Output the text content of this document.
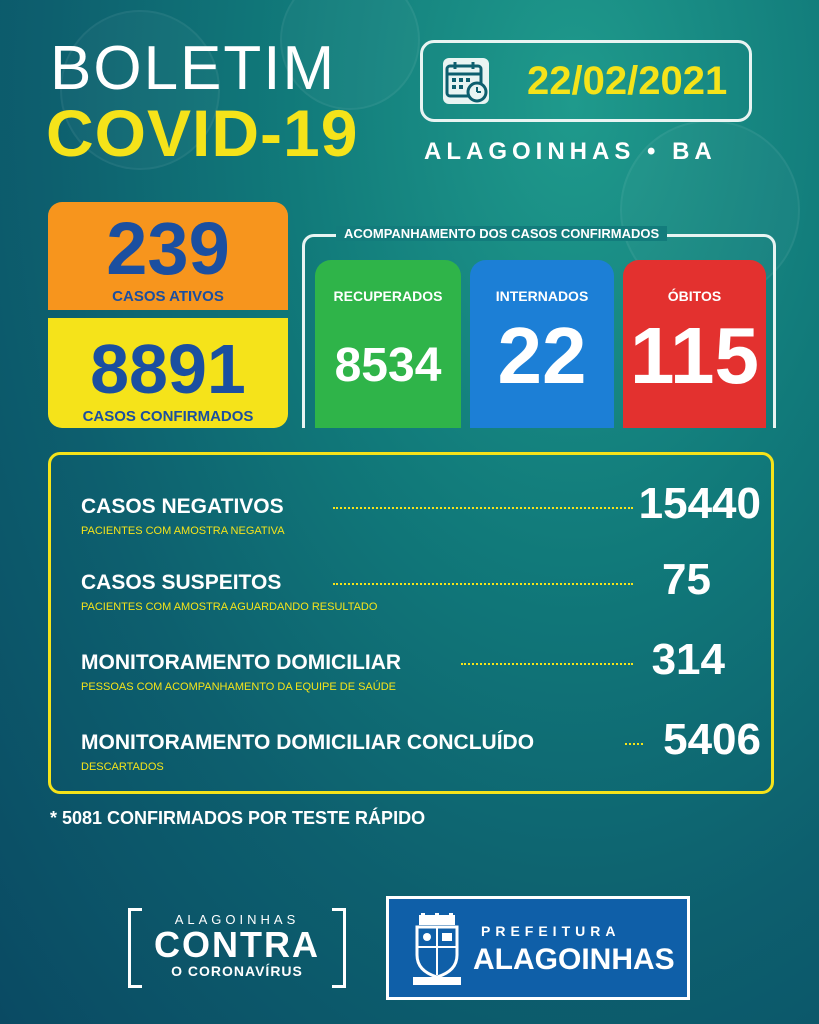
BOLETIM
COVID-19
22/02/2021
ALAGOINHAS • BA
239
CASOS ATIVOS
8891
CASOS CONFIRMADOS
ACOMPANHAMENTO DOS CASOS CONFIRMADOS
RECUPERADOS
8534
INTERNADOS
22
ÓBITOS
115
CASOS NEGATIVOS	15440
PACIENTES COM AMOSTRA NEGATIVA
CASOS SUSPEITOS	75
PACIENTES COM AMOSTRA AGUARDANDO RESULTADO
MONITORAMENTO DOMICILIAR	314
PESSOAS COM ACOMPANHAMENTO DA EQUIPE DE SAÚDE
MONITORAMENTO DOMICILIAR CONCLUÍDO	5406
DESCARTADOS
* 5081 CONFIRMADOS POR TESTE RÁPIDO
ALAGOINHAS
CONTRA
O CORONAVÍRUS
PREFEITURA
ALAGOINHAS
